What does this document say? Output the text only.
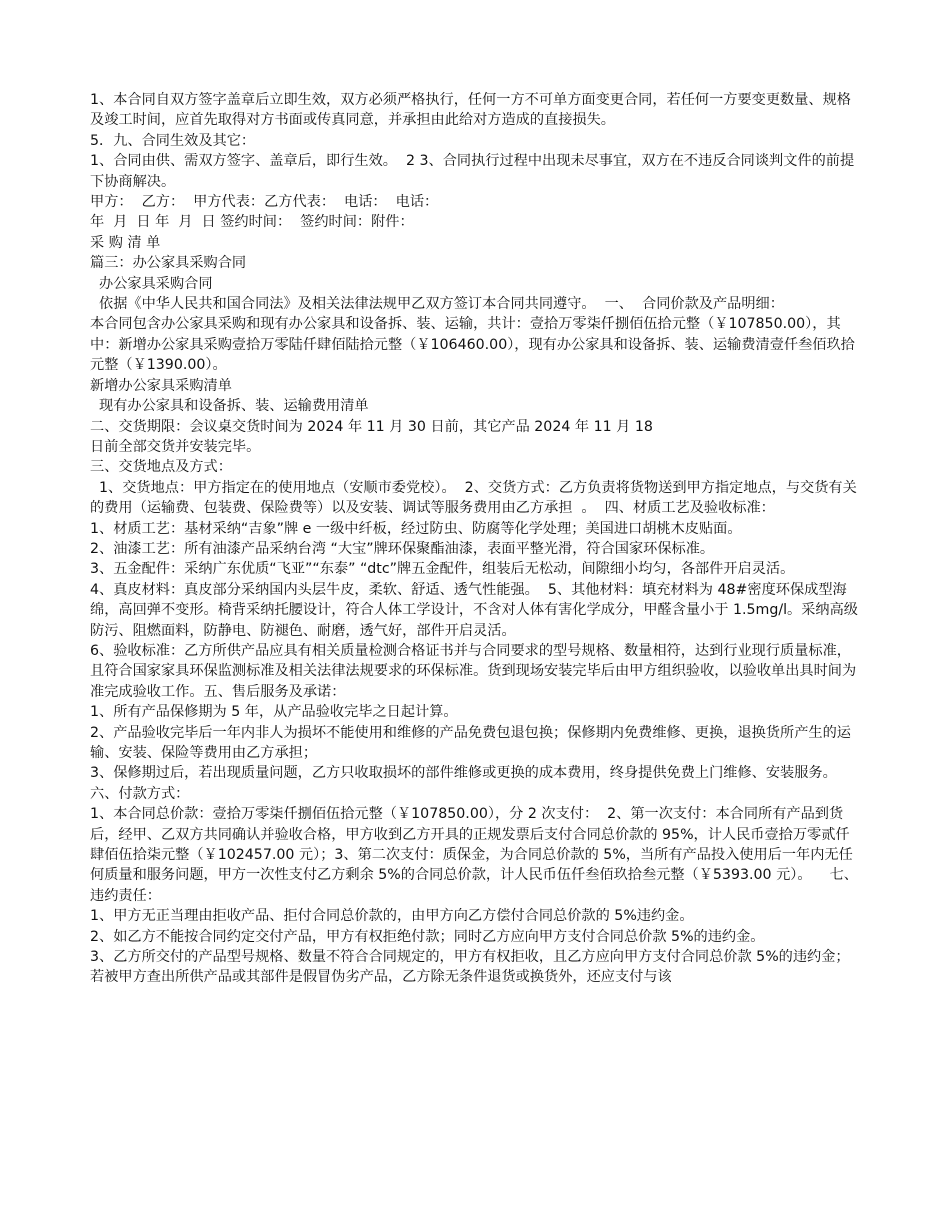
1、本合同自双方签字盖章后立即生效，双方必须严格执行，任何一方不可单方面变更合同，若任何一方要变更数量、规格及竣工时间，应首先取得对方书面或传真同意，并承担由此给对方造成的直接损失。

5．九、合同生效及其它：

1、合同由供、需双方签字、盖章后，即行生效。  2 3、合同执行过程中出现未尽事宜，双方在不违反合同谈判文件的前提下协商解决。

甲方：  乙方：  甲方代表：乙方代表：  电话：  电话：

年  月  日 年  月  日 签约时间：  签约时间：附件：

采 购 清 单

篇三：办公家具采购合同

办公家具采购合同

依据《中华人民共和国合同法》及相关法律法规甲乙双方签订本合同共同遵守。  一、  合同价款及产品明细：

本合同包含办公家具采购和现有办公家具和设备拆、装、运输，共计：壹拾万零柒仟捌佰伍拾元整（￥107850.00），其中：新增办公家具采购壹拾万零陆仟肆佰陆拾元整（￥106460.00），现有办公家具和设备拆、装、运输费清壹仟叁佰玖拾元整（￥1390.00）。

新增办公家具采购清单

现有办公家具和设备拆、装、运输费用清单

二、交货期限：会议桌交货时间为 2024 年 11 月 30 日前，其它产品 2024 年 11 月 18

日前全部交货并安装完毕。

三、交货地点及方式：

1、交货地点：甲方指定在的使用地点（安顺市委党校）。  2、交货方式：乙方负责将货物送到甲方指定地点，与交货有关的费用（运输费、包装费、保险费等）以及安装、调试等服务费用由乙方承担  。  四、材质工艺及验收标准：

1、材质工艺：基材采纳“吉象”牌 e 一级中纤板，经过防虫、防腐等化学处理；美国进口胡桃木皮贴面。

2、油漆工艺：所有油漆产品采纳台湾 “大宝”牌环保聚酯油漆，表面平整光滑，符合国家环保标准。

3、五金配件：采纳广东优质“飞亚”“东泰” “dtc”牌五金配件，组装后无松动，间隙细小均匀，各部件开启灵活。

4、真皮材料：真皮部分采纳国内头层牛皮，柔软、舒适、透气性能强。  5、其他材料：填充材料为 48#密度环保成型海绵，高回弹不变形。椅背采纳托腰设计，符合人体工学设计，不含对人体有害化学成分，甲醛含量小于 1.5mg/l。采纳高级防污、阻燃面料，防静电、防褪色、耐磨，透气好，部件开启灵活。

6、验收标准：乙方所供产品应具有相关质量检测合格证书并与合同要求的型号规格、数量相符，达到行业现行质量标准，且符合国家家具环保监测标准及相关法律法规要求的环保标准。货到现场安装完毕后由甲方组织验收，以验收单出具时间为准完成验收工作。五、售后服务及承诺：

1、所有产品保修期为 5 年，从产品验收完毕之日起计算。

2、产品验收完毕后一年内非人为损坏不能使用和维修的产品免费包退包换；保修期内免费维修、更换，退换货所产生的运输、安装、保险等费用由乙方承担；

3、保修期过后，若出现质量问题，乙方只收取损坏的部件维修或更换的成本费用，终身提供免费上门维修、安装服务。    六、付款方式：

1、本合同总价款：壹拾万零柒仟捌佰伍拾元整（￥107850.00），分 2 次支付：  2、第一次支付：本合同所有产品到货后，经甲、乙双方共同确认并验收合格，甲方收到乙方开具的正规发票后支付合同总价款的 95%，计人民币壹拾万零贰仟肆佰伍拾柒元整（￥102457.00 元）；3、第二次支付：质保金，为合同总价款的 5%，当所有产品投入使用后一年内无任何质量和服务问题，甲方一次性支付乙方剩余 5%的合同总价款，计人民币伍仟叁佰玖拾叁元整（￥5393.00 元）。    七、违约责任：

1、甲方无正当理由拒收产品、拒付合同总价款的，由甲方向乙方偿付合同总价款的 5%违约金。

2、如乙方不能按合同约定交付产品，甲方有权拒绝付款；同时乙方应向甲方支付合同总价款 5%的违约金。

3、乙方所交付的产品型号规格、数量不符合合同规定的，甲方有权拒收，且乙方应向甲方支付合同总价款 5%的违约金；若被甲方查出所供产品或其部件是假冒伪劣产品，乙方除无条件退货或换货外，还应支付与该
